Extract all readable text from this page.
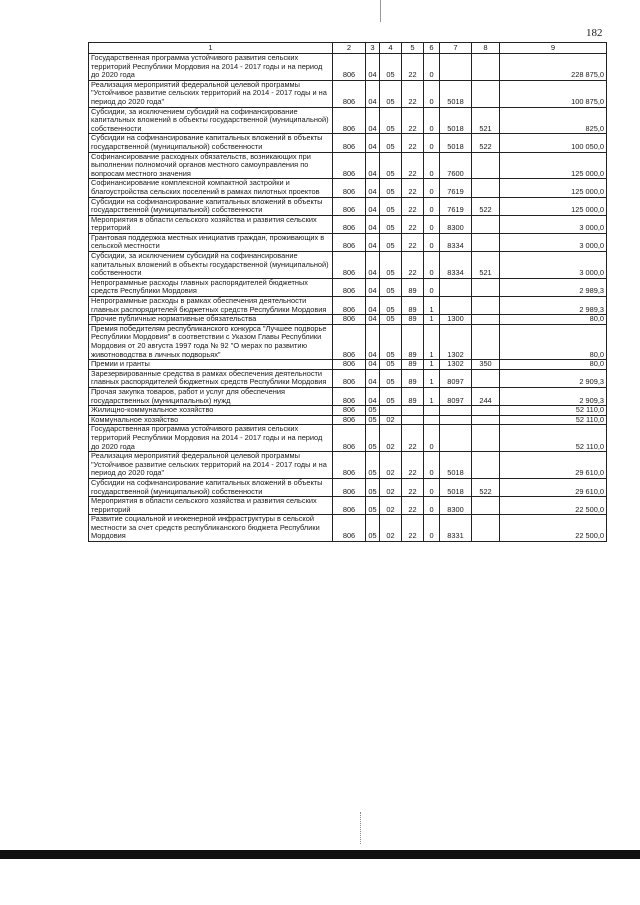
182
1	2	3	4	5	6	7	8	9
Государственная программа устойчивого развития сельских территорий Республики Мордовия на 2014 - 2017 годы и на период до 2020 года	806	04	05	22	0			228 875,0
Реализация мероприятий федеральной целевой программы "Устойчивое развитие сельских территорий на 2014 - 2017 годы и на период до 2020 года"	806	04	05	22	0	5018		100 875,0
Субсидии, за исключением субсидий на софинансирование капитальных вложений в объекты государственной (муниципальной) собственности	806	04	05	22	0	5018	521	825,0
Субсидии на софинансирование капитальных вложений в объекты государственной (муниципальной) собственности	806	04	05	22	0	5018	522	100 050,0
Софинансирование расходных обязательств, возникающих при выполнении полномочий органов местного самоуправления по вопросам местного значения	806	04	05	22	0	7600		125 000,0
Софинансирование комплексной компактной застройки и благоустройства сельских поселений в рамках пилотных проектов	806	04	05	22	0	7619		125 000,0
Субсидии на софинансирование капитальных вложений в объекты государственной (муниципальной) собственности	806	04	05	22	0	7619	522	125 000,0
Мероприятия в области сельского хозяйства и развития сельских территорий	806	04	05	22	0	8300		3 000,0
Грантовая поддержка местных инициатив граждан, проживающих в сельской местности	806	04	05	22	0	8334		3 000,0
Субсидии, за исключением субсидий на софинансирование капитальных вложений в объекты государственной (муниципальной) собственности	806	04	05	22	0	8334	521	3 000,0
Непрограммные расходы главных распорядителей бюджетных средств Республики Мордовия	806	04	05	89	0			2 989,3
Непрограммные расходы в рамках обеспечения деятельности главных распорядителей бюджетных средств Республики Мордовия	806	04	05	89	1			2 989,3
Прочие публичные нормативные обязательства	806	04	05	89	1	1300		80,0
Премия победителям республиканского конкурса "Лучшее подворье Республики Мордовия" в соответствии с Указом Главы Республики Мордовия от 20 августа 1997 года № 92 "О мерах по развитию животноводства в личных подворьях"	806	04	05	89	1	1302		80,0
Премии и гранты	806	04	05	89	1	1302	350	80,0
Зарезервированные средства в рамках обеспечения деятельности главных распорядителей бюджетных средств Республики Мордовия	806	04	05	89	1	8097		2 909,3
Прочая закупка товаров, работ и услуг для обеспечения государственных (муниципальных) нужд	806	04	05	89	1	8097	244	2 909,3
Жилищно-коммунальное хозяйство	806	05						52 110,0
Коммунальное хозяйство	806	05	02					52 110,0
Государственная программа устойчивого развития сельских территорий Республики Мордовия на 2014 - 2017 годы и на период до 2020 года	806	05	02	22	0			52 110,0
Реализация мероприятий федеральной целевой программы "Устойчивое развитие сельских территорий на 2014 - 2017 годы и на период до 2020 года"	806	05	02	22	0	5018		29 610,0
Субсидии на софинансирование капитальных вложений в объекты государственной (муниципальной) собственности	806	05	02	22	0	5018	522	29 610,0
Мероприятия в области сельского хозяйства и развития сельских территорий	806	05	02	22	0	8300		22 500,0
Развитие социальной и инженерной инфраструктуры в сельской местности за счет средств республиканского бюджета Республики Мордовия	806	05	02	22	0	8331		22 500,0
